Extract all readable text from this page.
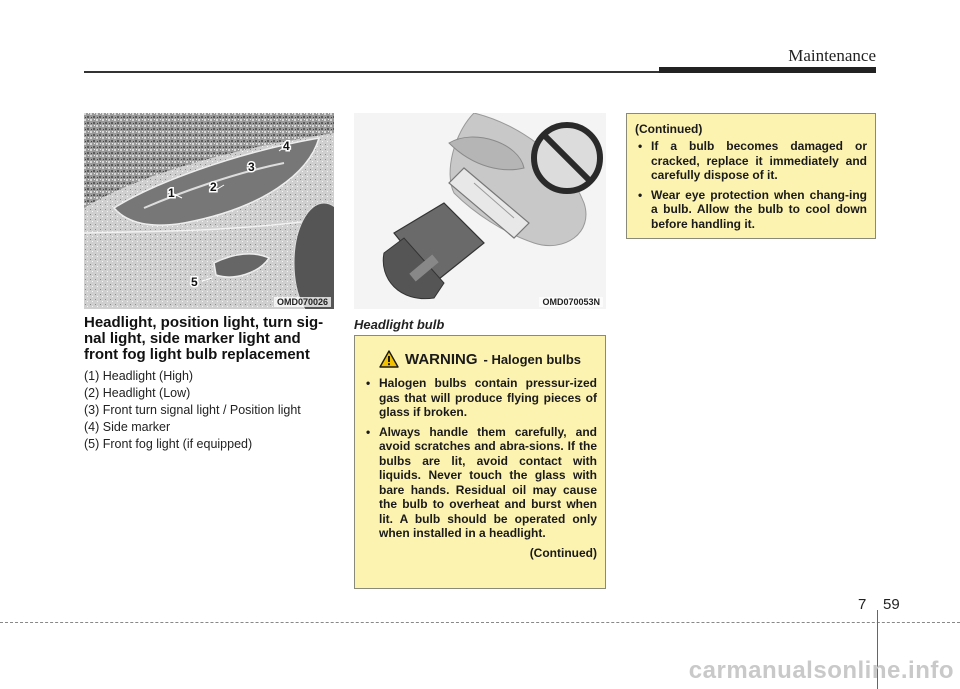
Maintenance
1	2
3
4
5
OMD070026	OMD070053N
Headlight, position light, turn sig-nal light, side marker light and front fog light bulb replacement
(1) Headlight (High)
(2) Headlight (Low)
(3) Front turn signal light / Position light
(4) Side marker
(5) Front fog light (if equipped)
Headlight bulb
WARNING - Halogen bulbs
• Halogen bulbs contain pressur-ized gas that will produce flying pieces of glass if broken.
• Always handle them carefully, and avoid scratches and abra-sions. If the bulbs are lit, avoid contact with liquids. Never touch the glass with bare hands. Residual oil may cause the bulb to overheat and burst when lit. A bulb should be operated only when installed in a headlight.
(Continued)
(Continued)
• If a bulb becomes damaged or cracked, replace it immediately and carefully dispose of it.
• Wear eye protection when chang-ing a bulb. Allow the bulb to cool down before handling it.
7 59
carmanualsonline.info
